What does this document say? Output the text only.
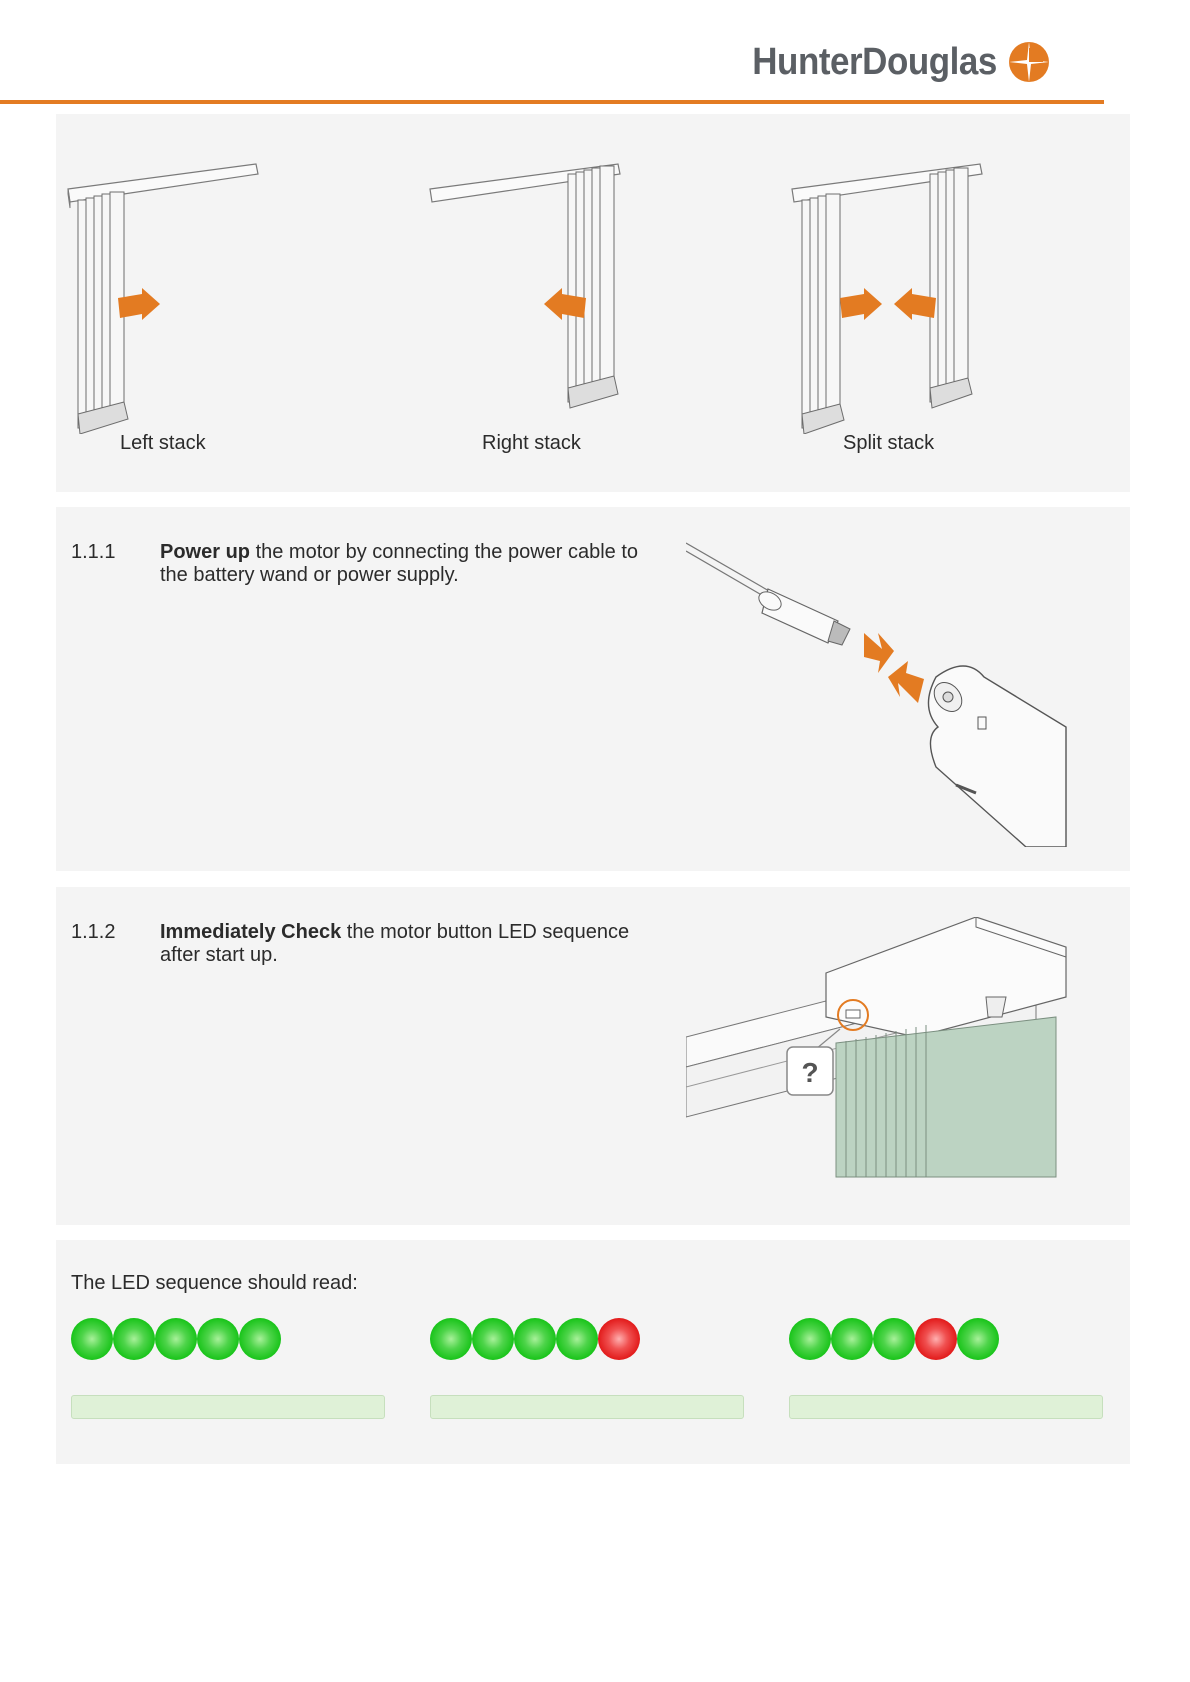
HunterDouglas
Left stack	Right stack	Split stack
1.1.1 Power up the motor by connecting the power cable to the battery wand or power supply.
1.1.2 Immediately Check the motor button LED sequence after start up.
?
The LED sequence should read:
